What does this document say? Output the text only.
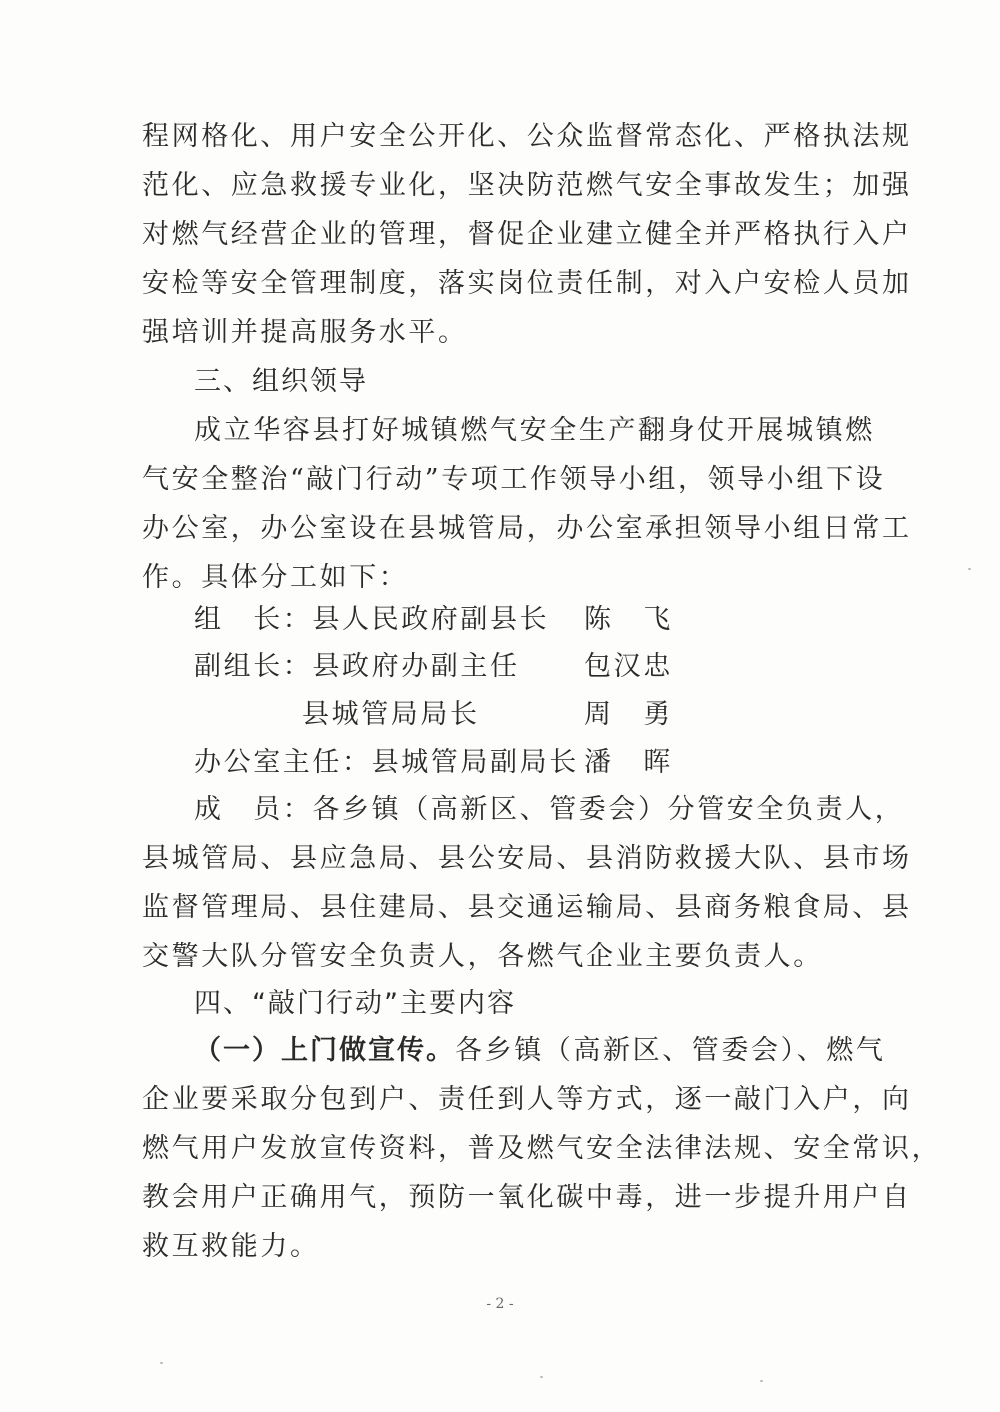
程网格化、用户安全公开化、公众监督常态化、严格执法规
范化、应急救援专业化，坚决防范燃气安全事故发生；加强
对燃气经营企业的管理，督促企业建立健全并严格执行入户
安检等安全管理制度，落实岗位责任制，对入户安检人员加
强培训并提高服务水平。
三、组织领导
成立华容县打好城镇燃气安全生产翻身仗开展城镇燃
气安全整治“敲门行动”专项工作领导小组，领导小组下设
办公室，办公室设在县城管局，办公室承担领导小组日常工
作。具体分工如下：
组　长：县人民政府副县长 陈　飞
副组长：县政府办副主任 包汉忠
县城管局局长	周　勇
办公室主任：县城管局副局长 潘　晖
成　员：各乡镇（高新区、管委会）分管安全负责人，
县城管局、县应急局、县公安局、县消防救援大队、县市场
监督管理局、县住建局、县交通运输局、县商务粮食局、县
交警大队分管安全负责人，各燃气企业主要负责人。
四、“敲门行动”主要内容
（一）上门做宣传。各乡镇（高新区、管委会）、燃气
企业要采取分包到户、责任到人等方式，逐一敲门入户，向
燃气用户发放宣传资料，普及燃气安全法律法规、安全常识，
教会用户正确用气，预防一氧化碳中毒，进一步提升用户自
救互救能力。
- 2 -
